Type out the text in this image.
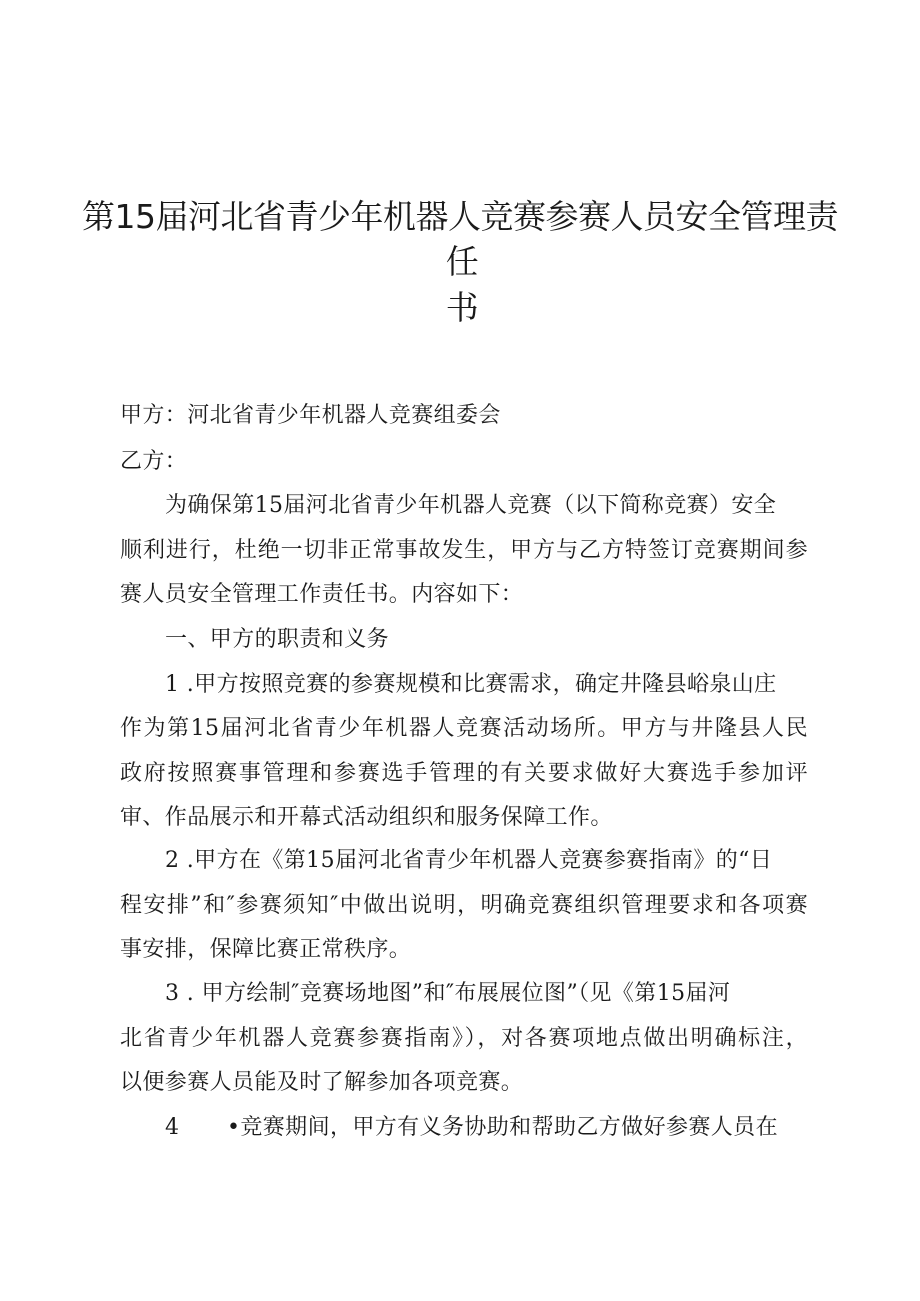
第15届河北省青少年机器人竞赛参赛人员安全管理责
任
书
甲方：河北省青少年机器人竞赛组委会
乙方：
为确保第15届河北省青少年机器人竞赛（以下简称竞赛）安全
顺利进行，杜绝一切非正常事故发生，甲方与乙方特签订竞赛期间参
赛人员安全管理工作责任书。内容如下：
一、甲方的职责和义务
1 .甲方按照竞赛的参赛规模和比赛需求，确定井隆县峪泉山庄
作为第15届河北省青少年机器人竞赛活动场所。甲方与井隆县人民
政府按照赛事管理和参赛选手管理的有关要求做好大赛选手参加评
审、作品展示和开幕式活动组织和服务保障工作。
2 .甲方在《第15届河北省青少年机器人竞赛参赛指南》的“日
程安排”和″参赛须知″中做出说明，明确竞赛组织管理要求和各项赛
事安排，保障比赛正常秩序。
3 . 甲方绘制″竞赛场地图”和″布展展位图”（见《第15届河
北省青少年机器人竞赛参赛指南》），对各赛项地点做出明确标注，
以便参赛人员能及时了解参加各项竞赛。
4 •竞赛期间，甲方有义务协助和帮助乙方做好参赛人员在
